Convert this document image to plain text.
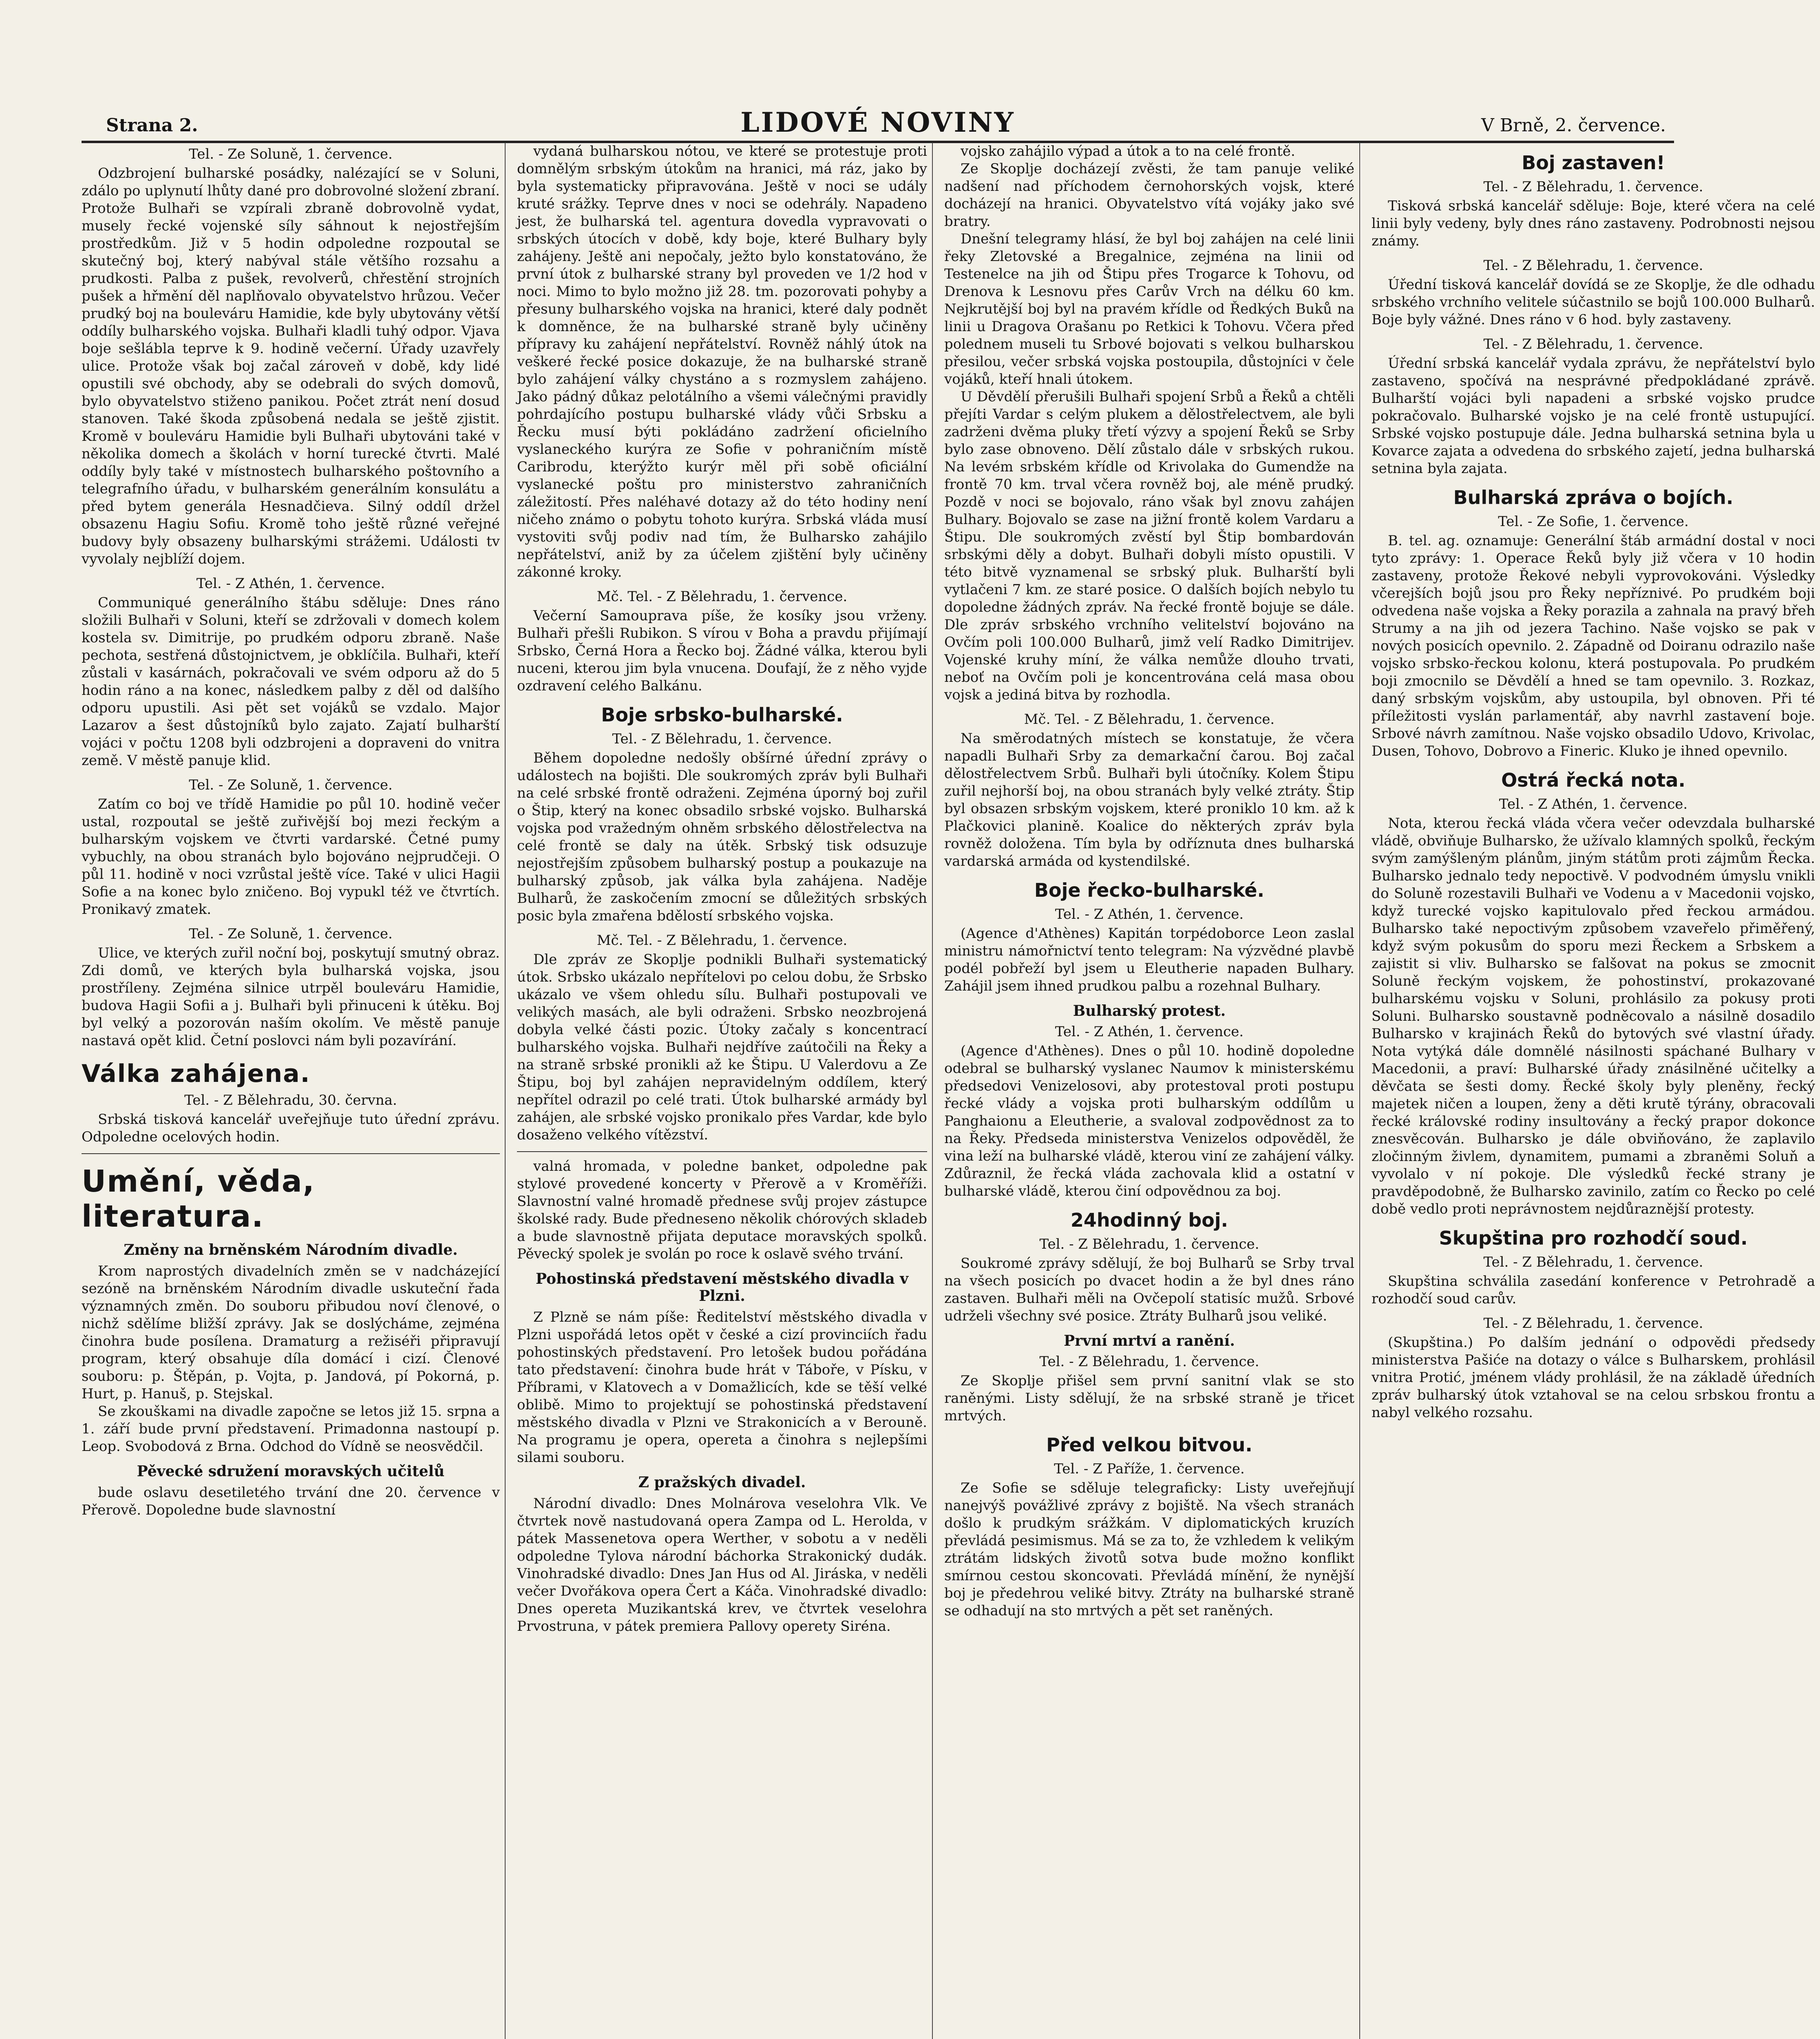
Strana 2.	LIDOVÉ NOVINY	V Brně, 2. července.
Tel. - Ze Soluně, 1. července.

Odzbrojení bulharské posádky, nalézající se v Soluni, zdálo po uplynutí lhůty dané pro dobrovolné složení zbraní. Protože Bulhaři se vzpírali zbraně dobrovolně vydat, musely řecké vojenské síly sáhnout k nejostřejším prostředkům. Již v 5 hodin odpoledne rozpoutal se skutečný boj, který nabýval stále většího rozsahu a prudkosti. Palba z pušek, revolverů, chřestění strojních pušek a hřmění děl naplňovalo obyvatelstvo hrůzou. Večer prudký boj na bouleváru Hamidie, kde byly ubytovány větší oddíly bulharského vojska. Bulhaři kladli tuhý odpor. Vjava boje sešlábla teprve k 9. hodině večerní. Úřady uzavřely ulice. Protože však boj začal zároveň v době, kdy lidé opustili své obchody, aby se odebrali do svých domovů, bylo obyvatelstvo stiženo panikou. Počet ztrát není dosud stanoven. Také škoda způsobená nedala se ještě zjistit. Kromě v bouleváru Hamidie byli Bulhaři ubytováni také v několika domech a školách v horní turecké čtvrti. Malé oddíly byly také v místnostech bulharského poštovního a telegrafního úřadu, v bulharském generálním konsulátu a před bytem generála Hesnadčieva. Silný oddíl držel obsazenu Hagiu Sofiu. Kromě toho ještě různé veřejné budovy byly obsazeny bulharskými strážemi. Události tv vyvolaly nejblíží dojem.

Tel. - Z Athén, 1. července.

Communiqué generálního štábu sděluje: Dnes ráno složili Bulhaři v Soluni, kteří se zdržovali v domech kolem kostela sv. Dimitrije, po prudkém odporu zbraně. Naše pechota, sestřená důstojnictvem, je obklíčila. Bulhaři, kteří zůstali v kasárnách, pokračovali ve svém odporu až do 5 hodin ráno a na konec, následkem palby z děl od dalšího odporu upustili. Asi pět set vojáků se vzdalo. Major Lazarov a šest důstojníků bylo zajato. Zajatí bulharští vojáci v počtu 1208 byli odzbrojeni a dopraveni do vnitra země. V městě panuje klid.

Tel. - Ze Soluně, 1. července.

Zatím co boj ve třídě Hamidie po půl 10. hodině večer ustal, rozpoutal se ještě zuřivější boj mezi řeckým a bulharským vojskem ve čtvrti vardarské. Četné pumy vybuchly, na obou stranách bylo bojováno nejprudčeji. O půl 11. hodině v noci vzrůstal ještě více. Také v ulici Hagii Sofie a na konec bylo zničeno. Boj vypukl též ve čtvrtích. Pronikavý zmatek.

Tel. - Ze Soluně, 1. července.

Ulice, ve kterých zuřil noční boj, poskytují smutný obraz. Zdi domů, ve kterých byla bulharská vojska, jsou prostříleny. Zejména silnice utrpěl bouleváru Hamidie, budova Hagii Sofii a j. Bulhaři byli přinuceni k útěku. Boj byl velký a pozorován naším okolím. Ve městě panuje nastavá opět klid. Četní poslovci nám byli pozavírání.

Válka zahájena.
Tel. - Z Bělehradu, 30. června.

Srbská tisková kancelář uveřejňuje tuto úřední zprávu. Odpoledne ocelových hodin.

Umění, věda, literatura.
Změny na brněnském Národním divadle.

Krom naprostých divadelních změn se v nadcházející sezóně na brněnském Národním divadle uskuteční řada významných změn. Do souboru přibudou noví členové, o nichž sdělíme bližší zprávy. Jak se doslýcháme, zejména činohra bude posílena. Dramaturg a režiséři připravují program, který obsahuje díla domácí i cizí. Členové souboru: p. Štěpán, p. Vojta, p. Jandová, pí Pokorná, p. Hurt, p. Hanuš, p. Stejskal.

Se zkouškami na divadle započne se letos již 15. srpna a 1. září bude první představení. Primadonna nastoupí p. Leop. Svobodová z Brna. Odchod do Vídně se neosvědčil.

Pěvecké sdružení moravských učitelů

bude oslavu desetiletého trvání dne 20. července v Přerově. Dopoledne bude slavnostní

vydaná bulharskou nótou, ve které se protestuje proti domnělým srbským útokům na hranici, má ráz, jako by byla systematicky připravována. Ještě v noci se udály kruté srážky. Teprve dnes v noci se odehrály. Napadeno jest, že bulharská tel. agentura dovedla vypravovati o srbských útocích v době, kdy boje, které Bulhary byly zahájeny. Ještě ani nepočaly, ježto bylo konstatováno, že první útok z bulharské strany byl proveden ve 1/2 hod v noci. Mimo to bylo možno již 28. tm. pozorovati pohyby a přesuny bulharského vojska na hranici, které daly podnět k domněnce, že na bulharské straně byly učiněny přípravy ku zahájení nepřátelství. Rovněž náhlý útok na veškeré řecké posice dokazuje, že na bulharské straně bylo zahájení války chystáno a s rozmyslem zahájeno. Jako pádný důkaz pelotálního a všemi válečnými pravidly pohrdajícího postupu bulharské vlády vůči Srbsku a Řecku musí býti pokládáno zadržení oficielního vyslaneckého kurýra ze Sofie v pohraničním místě Caribrodu, kterýžto kurýr měl při sobě oficiální vyslanecké poštu pro ministerstvo zahraničních záležitostí. Přes naléhavé dotazy až do této hodiny není ničeho známo o pobytu tohoto kurýra. Srbská vláda musí vystoviti svůj podiv nad tím, že Bulharsko zahájilo nepřátelství, aniž by za účelem zjištění byly učiněny zákonné kroky.

Mč. Tel. - Z Bělehradu, 1. července.

Večerní Samouprava píše, že kosíky jsou vrženy. Bulhaři přešli Rubikon. S vírou v Boha a pravdu přijímají Srbsko, Černá Hora a Řecko boj. Žádné válka, kterou byli nuceni, kterou jim byla vnucena. Doufají, že z něho vyjde ozdravení celého Balkánu.

Boje srbsko-bulharské.
Tel. - Z Bělehradu, 1. července.

Během dopoledne nedošly obšírné úřední zprávy o událostech na bojišti. Dle soukromých zpráv byli Bulhaři na celé srbské frontě odraženi. Zejména úporný boj zuřil o Štip, který na konec obsadilo srbské vojsko. Bulharská vojska pod vražedným ohněm srbského dělostřelectva na celé frontě se daly na útěk. Srbský tisk odsuzuje nejostřejším způsobem bulharský postup a poukazuje na bulharský způsob, jak válka byla zahájena. Naděje Bulharů, že zaskočením zmocní se důležitých srbských posic byla zmařena bdělostí srbského vojska.

Mč. Tel. - Z Bělehradu, 1. července.

Dle zpráv ze Skoplje podnikli Bulhaři systematický útok. Srbsko ukázalo nepřítelovi po celou dobu, že Srbsko ukázalo ve všem ohledu sílu. Bulhaři postupovali ve velikých masách, ale byli odraženi. Srbsko neozbrojená dobyla velké části pozic. Útoky začaly s koncentrací bulharského vojska. Bulhaři nejdříve zaútočili na Řeky a na straně srbské pronikli až ke Štipu. U Valerdovu a Ze Štipu, boj byl zahájen nepravidelným oddílem, který nepřítel odrazil po celé trati. Útok bulharské armády byl zahájen, ale srbské vojsko pronikalo přes Vardar, kde bylo dosaženo velkého vítězství.

valná hromada, v poledne banket, odpoledne pak stylové provedené koncerty v Přerově a v Kroměříži. Slavnostní valné hromadě přednese svůj projev zástupce školské rady. Bude předneseno několik chórových skladeb a bude slavnostně přijata deputace moravských spolků. Pěvecký spolek je svolán po roce k oslavě svého trvání.

Pohostinská představení městského divadla v Plzni.

Z Plzně se nám píše: Ředitelství městského divadla v Plzni uspořádá letos opět v české a cizí provinciích řadu pohostinských představení. Pro letošek budou pořádána tato představení: činohra bude hrát v Táboře, v Písku, v Příbrami, v Klatovech a v Domažlicích, kde se těší velké oblibě. Mimo to projektují se pohostinská představení městského divadla v Plzni ve Strakonicích a v Berouně. Na programu je opera, opereta a činohra s nejlepšími silami souboru.

Z pražských divadel.

Národní divadlo: Dnes Molnárova veselohra Vlk. Ve čtvrtek nově nastudovaná opera Zampa od L. Herolda, v pátek Massenetova opera Werther, v sobotu a v neděli odpoledne Tylova národní báchorka Strakonický dudák. Vinohradské divadlo: Dnes Jan Hus od Al. Jiráska, v neděli večer Dvořákova opera Čert a Káča. Vinohradské divadlo: Dnes opereta Muzikantská krev, ve čtvrtek veselohra Prvostruna, v pátek premiera Pallovy operety Siréna.

vojsko zahájilo výpad a útok a to na celé frontě.

Ze Skoplje docházejí zvěsti, že tam panuje veliké nadšení nad příchodem černohorských vojsk, které docházejí na hranici. Obyvatelstvo vítá vojáky jako své bratry.

Dnešní telegramy hlásí, že byl boj zahájen na celé linii řeky Zletovské a Bregalnice, zejména na linii od Testenelce na jih od Štipu přes Trogarce k Tohovu, od Drenova k Lesnovu přes Carův Vrch na délku 60 km. Nejkrutější boj byl na pravém křídle od Ředkých Buků na linii u Dragova Orašanu po Retkici k Tohovu. Včera před polednem museli tu Srbové bojovati s velkou bulharskou přesilou, večer srbská vojska postoupila, důstojníci v čele vojáků, kteří hnali útokem.

U Děvdělí přerušili Bulhaři spojení Srbů a Řeků a chtěli přejíti Vardar s celým plukem a dělostřelectvem, ale byli zadrženi dvěma pluky třetí výzvy a spojení Řeků se Srby bylo zase obnoveno. Dělí zůstalo dále v srbských rukou. Na levém srbském křídle od Krivolaka do Gumendže na frontě 70 km. trval včera rovněž boj, ale méně prudký. Pozdě v noci se bojovalo, ráno však byl znovu zahájen Bulhary. Bojovalo se zase na jižní frontě kolem Vardaru a Štipu. Dle soukromých zvěstí byl Štip bombardován srbskými děly a dobyt. Bulhaři dobyli místo opustili. V této bitvě vyznamenal se srbský pluk. Bulharští byli vytlačeni 7 km. ze staré posice. O dalších bojích nebylo tu dopoledne žádných zpráv. Na řecké frontě bojuje se dále. Dle zpráv srbského vrchního velitelství bojováno na Ovčím poli 100.000 Bulharů, jimž velí Radko Dimitrijev. Vojenské kruhy míní, že válka nemůže dlouho trvati, neboť na Ovčím poli je koncentrována celá masa obou vojsk a jediná bitva by rozhodla.

Mč. Tel. - Z Bělehradu, 1. července.

Na směrodatných místech se konstatuje, že včera napadli Bulhaři Srby za demarkační čarou. Boj začal dělostřelectvem Srbů. Bulhaři byli útočníky. Kolem Štipu zuřil nejhorší boj, na obou stranách byly velké ztráty. Štip byl obsazen srbským vojskem, které proniklo 10 km. až k Plačkovici planině. Koalice do některých zpráv byla rovněž doložena. Tím byla by odříznuta dnes bulharská vardarská armáda od kystendilské.

Boje řecko-bulharské.
Tel. - Z Athén, 1. července.

(Agence d'Athènes) Kapitán torpédoborce Leon zaslal ministru námořnictví tento telegram: Na výzvědné plavbě podél pobřeží byl jsem u Eleutherie napaden Bulhary. Zahájil jsem ihned prudkou palbu a rozehnal Bulhary.

Bulharský protest.
Tel. - Z Athén, 1. července.

(Agence d'Athènes). Dnes o půl 10. hodině dopoledne odebral se bulharský vyslanec Naumov k ministerskému předsedovi Venizelosovi, aby protestoval proti postupu řecké vlády a vojska proti bulharským oddílům u Panghaionu a Eleutherie, a svaloval zodpovědnost za to na Řeky. Předseda ministerstva Venizelos odpověděl, že vina leží na bulharské vládě, kterou viní ze zahájení války. Zdůraznil, že řecká vláda zachovala klid a ostatní v bulharské vládě, kterou činí odpovědnou za boj.

24hodinný boj.
Tel. - Z Bělehradu, 1. července.

Soukromé zprávy sdělují, že boj Bulharů se Srby trval na všech posicích po dvacet hodin a že byl dnes ráno zastaven. Bulhaři měli na Ovčepolí statisíc mužů. Srbové udrželi všechny své posice. Ztráty Bulharů jsou veliké.

První mrtví a ranění.
Tel. - Z Bělehradu, 1. července.

Ze Skoplje přišel sem první sanitní vlak se sto raněnými. Listy sdělují, že na srbské straně je třicet mrtvých.

Před velkou bitvou.
Tel. - Z Paříže, 1. července.

Ze Sofie se sděluje telegraficky: Listy uveřejňují nanejvýš povážlivé zprávy z bojiště. Na všech stranách došlo k prudkým srážkám. V diplomatických kruzích převládá pesimismus. Má se za to, že vzhledem k velikým ztrátám lidských životů sotva bude možno konflikt smírnou cestou skoncovati. Převládá mínění, že nynější boj je předehrou veliké bitvy. Ztráty na bulharské straně se odhadují na sto mrtvých a pět set raněných.

Boj zastaven!
Tel. - Z Bělehradu, 1. července.

Tisková srbská kancelář sděluje: Boje, které včera na celé linii byly vedeny, byly dnes ráno zastaveny. Podrobnosti nejsou známy.

Tel. - Z Bělehradu, 1. července.

Úřední tisková kancelář dovídá se ze Skoplje, že dle odhadu srbského vrchního velitele súčastnilo se bojů 100.000 Bulharů. Boje byly vážné. Dnes ráno v 6 hod. byly zastaveny.

Tel. - Z Bělehradu, 1. července.

Úřední srbská kancelář vydala zprávu, že nepřátelství bylo zastaveno, spočívá na nesprávné předpokládané zprávě. Bulharští vojáci byli napadeni a srbské vojsko prudce pokračovalo. Bulharské vojsko je na celé frontě ustupující. Srbské vojsko postupuje dále. Jedna bulharská setnina byla u Kovarce zajata a odvedena do srbského zajetí, jedna bulharská setnina byla zajata.

Bulharská zpráva o bojích.
Tel. - Ze Sofie, 1. července.

B. tel. ag. oznamuje: Generální štáb armádní dostal v noci tyto zprávy: 1. Operace Řeků byly již včera v 10 hodin zastaveny, protože Řekové nebyli vyprovokováni. Výsledky včerejších bojů jsou pro Řeky nepříznivé. Po prudkém boji odvedena naše vojska a Řeky porazila a zahnala na pravý břeh Strumy a na jih od jezera Tachino. Naše vojsko se pak v nových posicích opevnilo. 2. Západně od Doiranu odrazilo naše vojsko srbsko-řeckou kolonu, která postupovala. Po prudkém boji zmocnilo se Děvdělí a hned se tam opevnilo. 3. Rozkaz, daný srbským vojskům, aby ustoupila, byl obnoven. Při té příležitosti vyslán parlamentář, aby navrhl zastavení boje. Srbové návrh zamítnou. Naše vojsko obsadilo Udovo, Krivolac, Dusen, Tohovo, Dobrovo a Fineric. Kluko je ihned opevnilo.

Ostrá řecká nota.
Tel. - Z Athén, 1. července.

Nota, kterou řecká vláda včera večer odevzdala bulharské vládě, obviňuje Bulharsko, že užívalo klamných spolků, řeckým svým zamýšleným plánům, jiným státům proti zájmům Řecka. Bulharsko jednalo tedy nepoctivě. V podvodném úmyslu vnikli do Soluně rozestavili Bulhaři ve Vodenu a v Macedonii vojsko, když turecké vojsko kapitulovalo před řeckou armádou. Bulharsko také nepoctivým způsobem vzaveřelo přiměřený, když svým pokusům do sporu mezi Řeckem a Srbskem a zajistit si vliv. Bulharsko se falšovat na pokus se zmocnit Soluně řeckým vojskem, že pohostinství, prokazované bulharskému vojsku v Soluni, prohlásilo za pokusy proti Soluni. Bulharsko soustavně podněcovalo a násilně dosadilo Bulharsko v krajinách Řeků do bytových své vlastní úřady. Nota vytýká dále domnělé násilnosti spáchané Bulhary v Macedonii, a praví: Bulharské úřady znásilněné učitelky a děvčata se šesti domy. Řecké školy byly pleněny, řecký majetek ničen a loupen, ženy a děti krutě týrány, obracovali řecké královské rodiny insultovány a řecký prapor dokonce znesvěcován. Bulharsko je dále obviňováno, že zaplavilo zločinným živlem, dynamitem, pumami a zbraněmi Soluň a vyvolalo v ní pokoje. Dle výsledků řecké strany je pravděpodobně, že Bulharsko zavinilo, zatím co Řecko po celé době vedlo proti neprávnostem nejdůraznější protesty.

Skupština pro rozhodčí soud.
Tel. - Z Bělehradu, 1. července.

Skupština schválila zasedání konference v Petrohradě a rozhodčí soud carův.

Tel. - Z Bělehradu, 1. července.

(Skupština.) Po dalším jednání o odpovědi předsedy ministerstva Pašiće na dotazy o válce s Bulharskem, prohlásil vnitra Protić, jménem vlády prohlásil, že na základě úředních zpráv bulharský útok vztahoval se na celou srbskou frontu a nabyl velkého rozsahu.
